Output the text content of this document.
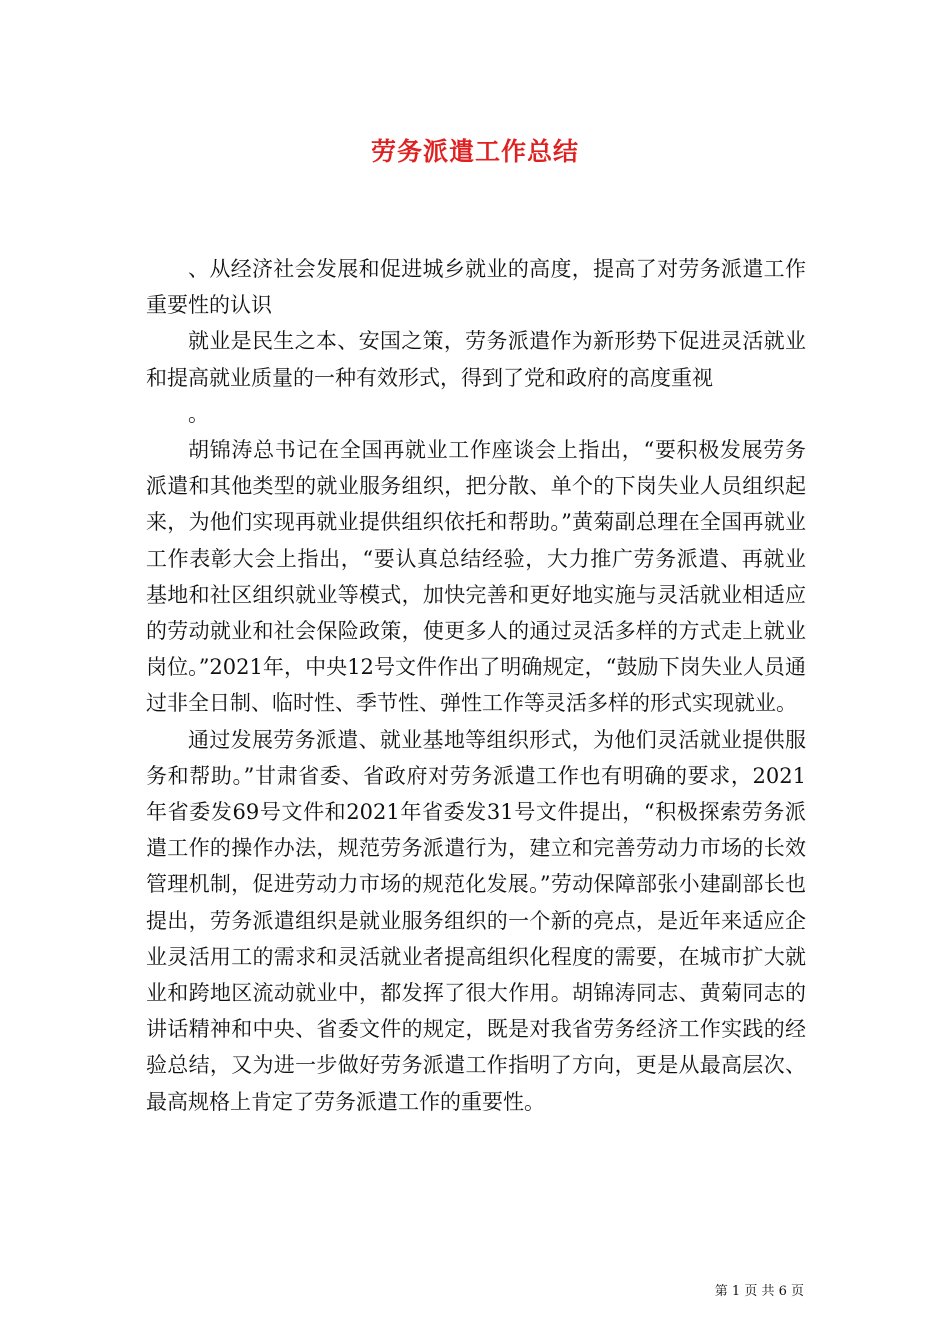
劳务派遣工作总结

、从经济社会发展和促进城乡就业的高度，提高了对劳务派遣工作重要性的认识

就业是民生之本、安国之策，劳务派遣作为新形势下促进灵活就业和提高就业质量的一种有效形式，得到了党和政府的高度重视

。

胡锦涛总书记在全国再就业工作座谈会上指出，“要积极发展劳务派遣和其他类型的就业服务组织，把分散、单个的下岗失业人员组织起来，为他们实现再就业提供组织依托和帮助。”黄菊副总理在全国再就业工作表彰大会上指出，“要认真总结经验，大力推广劳务派遣、再就业基地和社区组织就业等模式，加快完善和更好地实施与灵活就业相适应的劳动就业和社会保险政策，使更多人的通过灵活多样的方式走上就业岗位。”2021年，中央12号文件作出了明确规定，“鼓励下岗失业人员通过非全日制、临时性、季节性、弹性工作等灵活多样的形式实现就业。

通过发展劳务派遣、就业基地等组织形式，为他们灵活就业提供服务和帮助。”甘肃省委、省政府对劳务派遣工作也有明确的要求，2021年省委发69号文件和2021年省委发31号文件提出，“积极探索劳务派遣工作的操作办法，规范劳务派遣行为，建立和完善劳动力市场的长效管理机制，促进劳动力市场的规范化发展。”劳动保障部张小建副部长也提出，劳务派遣组织是就业服务组织的一个新的亮点，是近年来适应企业灵活用工的需求和灵活就业者提高组织化程度的需要，在城市扩大就业和跨地区流动就业中，都发挥了很大作用。胡锦涛同志、黄菊同志的讲话精神和中央、省委文件的规定，既是对我省劳务经济工作实践的经验总结，又为进一步做好劳务派遣工作指明了方向，更是从最高层次、最高规格上肯定了劳务派遣工作的重要性。

第 1 页 共 6 页
